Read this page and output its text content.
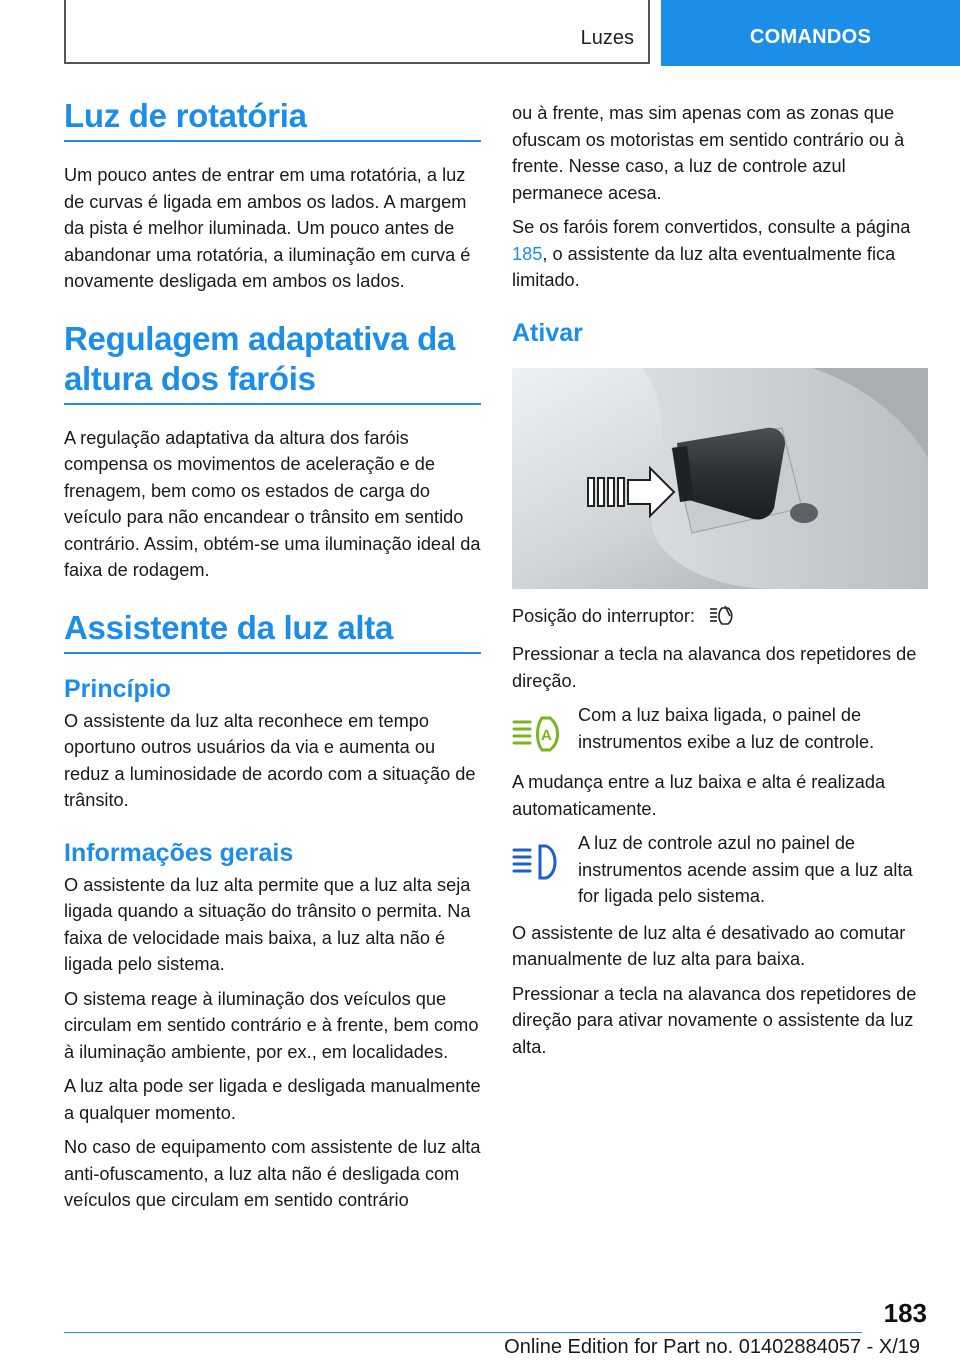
Luzes	COMANDOS
Luz de rotatória

Um pouco antes de entrar em uma rotatória, a luz de curvas é ligada em ambos os lados. A margem da pista é melhor iluminada. Um pouco antes de abandonar uma rotatória, a iluminação em curva é novamente desligada em ambos os lados.

Regulagem adaptativa da altura dos faróis

A regulação adaptativa da altura dos faróis compensa os movimentos de aceleração e de frenagem, bem como os estados de carga do veículo para não encandear o trânsito em sentido contrário. Assim, obtém-se uma iluminação ideal da faixa de rodagem.

Assistente da luz alta
Princípio

O assistente da luz alta reconhece em tempo oportuno outros usuários da via e aumenta ou reduz a luminosidade de acordo com a situação de trânsito.

Informações gerais

O assistente da luz alta permite que a luz alta seja ligada quando a situação do trânsito o permita. Na faixa de velocidade mais baixa, a luz alta não é ligada pelo sistema.

O sistema reage à iluminação dos veículos que circulam em sentido contrário e à frente, bem como à iluminação ambiente, por ex., em localidades.

A luz alta pode ser ligada e desligada manualmente a qualquer momento.

No caso de equipamento com assistente de luz alta anti-ofuscamento, a luz alta não é desligada com veículos que circulam em sentido contrário

ou à frente, mas sim apenas com as zonas que ofuscam os motoristas em sentido contrário ou à frente. Nesse caso, a luz de controle azul permanece acesa.

Se os faróis forem convertidos, consulte a página 185, o assistente da luz alta eventualmente fica limitado.

Ativar

Posição do interruptor:

Pressionar a tecla na alavanca dos repetidores de direção.

A

Com a luz baixa ligada, o painel de instrumentos exibe a luz de controle.

A mudança entre a luz baixa e alta é realizada automaticamente.

A luz de controle azul no painel de instrumentos acende assim que a luz alta for ligada pelo sistema.

O assistente de luz alta é desativado ao comutar manualmente de luz alta para baixa.

Pressionar a tecla na alavanca dos repetidores de direção para ativar novamente o assistente da luz alta.

183
Online Edition for Part no. 01402884057 - X/19
